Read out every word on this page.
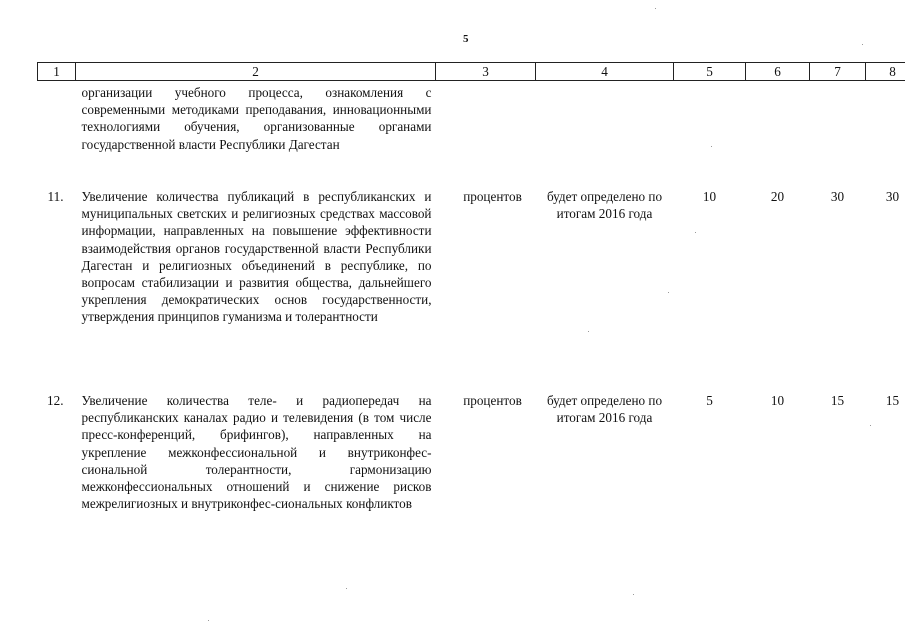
5
1	2	3	4	5	6	7	8
	организации учебного процесса, ознакомления с современными методиками преподавания, инновационными технологиями обучения, организованные органами государственной власти Республики Дагестан						
11.	Увеличение количества публикаций в республиканских и муниципальных светских и религиозных средствах массовой информации, направленных на повышение эффективности взаимодействия органов государственной власти Республики Дагестан и религиозных объединений в республике, по вопросам стабилизации и развития общества, дальнейшего укрепления демократических основ государственности, утверждения принципов гуманизма и толерантности	процентов	будет определено по итогам 2016 года	10	20	30	30
12.	Увеличение количества теле- и радиопередач на республиканских каналах радио и телевидения (в том числе пресс-конференций, брифингов), направленных на укрепление межконфессиональной и внутриконфес-сиональной толерантности, гармонизацию межконфессиональных отношений и снижение рисков межрелигиозных и внутриконфес-сиональных конфликтов	процентов	будет определено по итогам 2016 года	5	10	15	15
